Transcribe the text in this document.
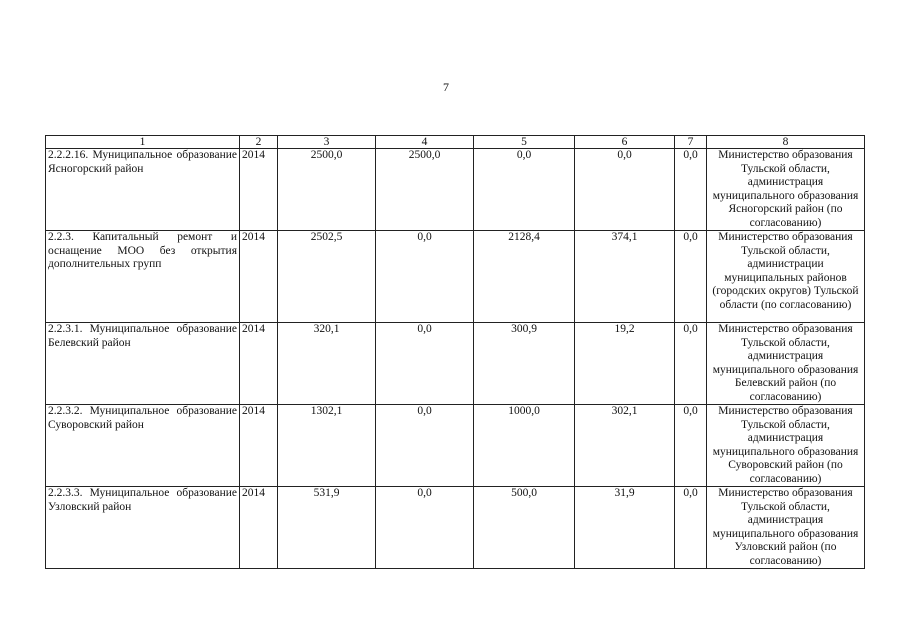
7
1	2	3	4	5	6	7	8
2.2.2.16. Муниципальное образование Ясногорский район	2014	2500,0	2500,0	0,0	0,0	0,0	Министерство образования Тульской области, администрация муниципального образования Ясногорский район (по согласованию)
2.2.3. Капитальный ремонт и оснащение МОО без открытия дополнительных групп	2014	2502,5	0,0	2128,4	374,1	0,0	Министерство образования Тульской области, администрации муниципальных районов (городских округов) Тульской области (по согласованию)
2.2.3.1. Муниципальное образование Белевский район	2014	320,1	0,0	300,9	19,2	0,0	Министерство образования Тульской области, администрация муниципального образования Белевский район (по согласованию)
2.2.3.2. Муниципальное образование Суворовский район	2014	1302,1	0,0	1000,0	302,1	0,0	Министерство образования Тульской области, администрация муниципального образования Суворовский район (по согласованию)
2.2.3.3. Муниципальное образование Узловский район	2014	531,9	0,0	500,0	31,9	0,0	Министерство образования Тульской области, администрация муниципального образования Узловский район (по согласованию)
